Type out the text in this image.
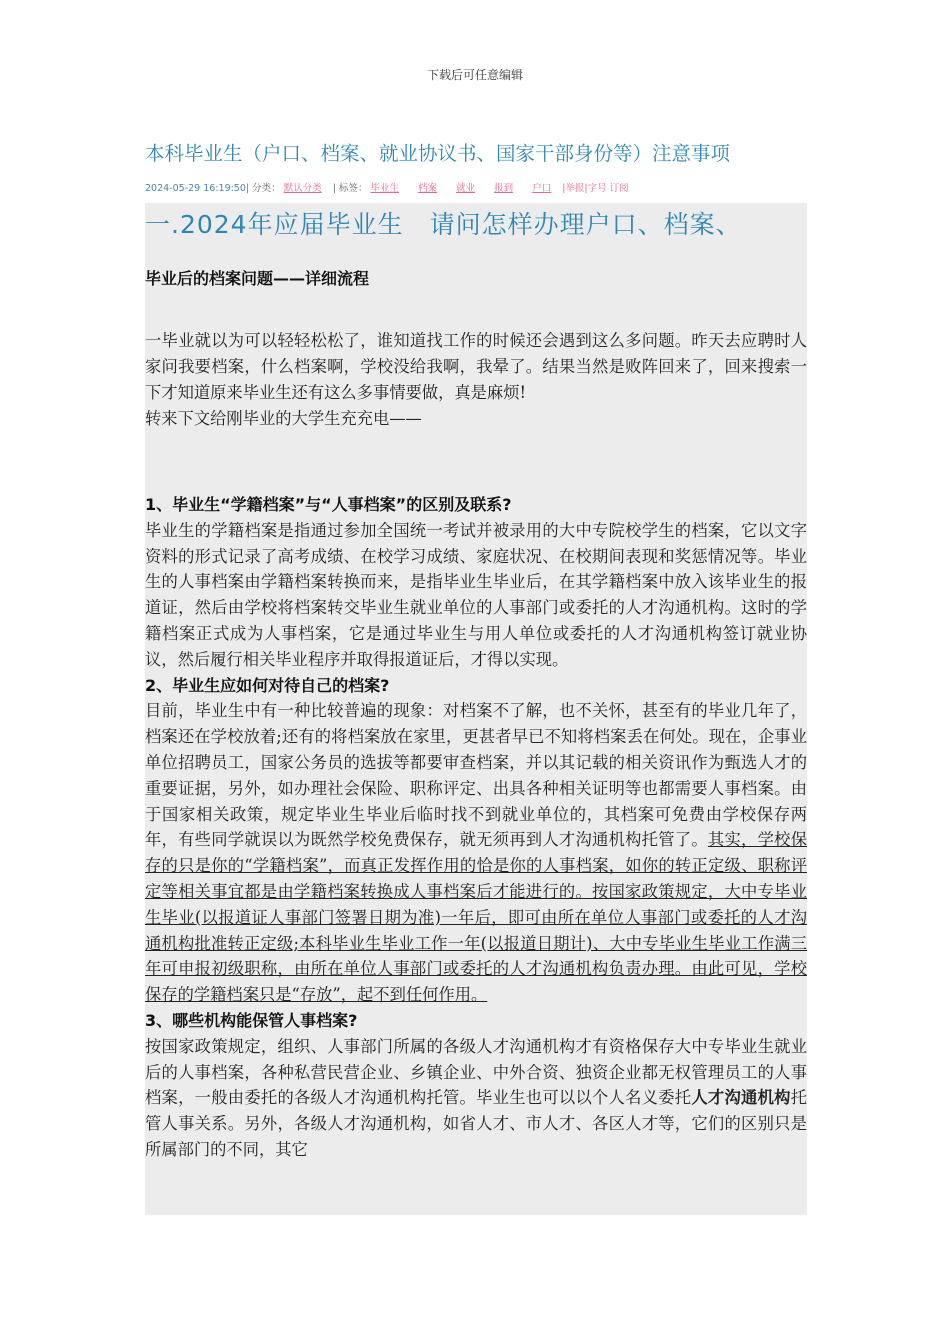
下载后可任意编辑
本科毕业生（户口、档案、就业协议书、国家干部身份等）注意事项
2024-05-29 16:19:50| 分类： 默认分类 | 标签： 毕业生 档案 就业 报到 户口 |举报|字号 订阅
一.2024年应届毕业生　请问怎样办理户口、档案、
毕业后的档案问题——详细流程

一毕业就以为可以轻轻松松了，谁知道找工作的时候还会遇到这么多问题。昨天去应聘时人家问我要档案，什么档案啊，学校没给我啊，我晕了。结果当然是败阵回来了，回来搜索一下才知道原来毕业生还有这么多事情要做，真是麻烦!

转来下文给刚毕业的大学生充充电——

1、毕业生“学籍档案”与“人事档案”的区别及联系?

毕业生的学籍档案是指通过参加全国统一考试并被录用的大中专院校学生的档案，它以文字资料的形式记录了高考成绩、在校学习成绩、家庭状况、在校期间表现和奖惩情况等。毕业生的人事档案由学籍档案转换而来，是指毕业生毕业后，在其学籍档案中放入该毕业生的报道证，然后由学校将档案转交毕业生就业单位的人事部门或委托的人才沟通机构。这时的学籍档案正式成为人事档案，它是通过毕业生与用人单位或委托的人才沟通机构签订就业协议，然后履行相关毕业程序并取得报道证后，才得以实现。

2、毕业生应如何对待自己的档案?

目前，毕业生中有一种比较普遍的现象：对档案不了解，也不关怀，甚至有的毕业几年了，档案还在学校放着;还有的将档案放在家里，更甚者早已不知将档案丢在何处。现在，企事业单位招聘员工，国家公务员的选拔等都要审查档案，并以其记载的相关资讯作为甄选人才的重要证据，另外，如办理社会保险、职称评定、出具各种相关证明等也都需要人事档案。由于国家相关政策，规定毕业生毕业后临时找不到就业单位的，其档案可免费由学校保存两年，有些同学就误以为既然学校免费保存，就无须再到人才沟通机构托管了。其实，学校保存的只是你的“学籍档案”，而真正发挥作用的恰是你的人事档案，如你的转正定级、职称评定等相关事宜都是由学籍档案转换成人事档案后才能进行的。按国家政策规定，大中专毕业生毕业(以报道证人事部门签署日期为准)一年后，即可由所在单位人事部门或委托的人才沟通机构批准转正定级;本科毕业生毕业工作一年(以报道日期计)、大中专毕业生毕业工作满三年可申报初级职称，由所在单位人事部门或委托的人才沟通机构负责办理。由此可见，学校保存的学籍档案只是“存放”，起不到任何作用。

3、哪些机构能保管人事档案?

按国家政策规定，组织、人事部门所属的各级人才沟通机构才有资格保存大中专毕业生就业后的人事档案，各种私营民营企业、乡镇企业、中外合资、独资企业都无权管理员工的人事档案，一般由委托的各级人才沟通机构托管。毕业生也可以以个人名义委托人才沟通机构托管人事关系。另外，各级人才沟通机构，如省人才、市人才、各区人才等，它们的区别只是所属部门的不同，其它
